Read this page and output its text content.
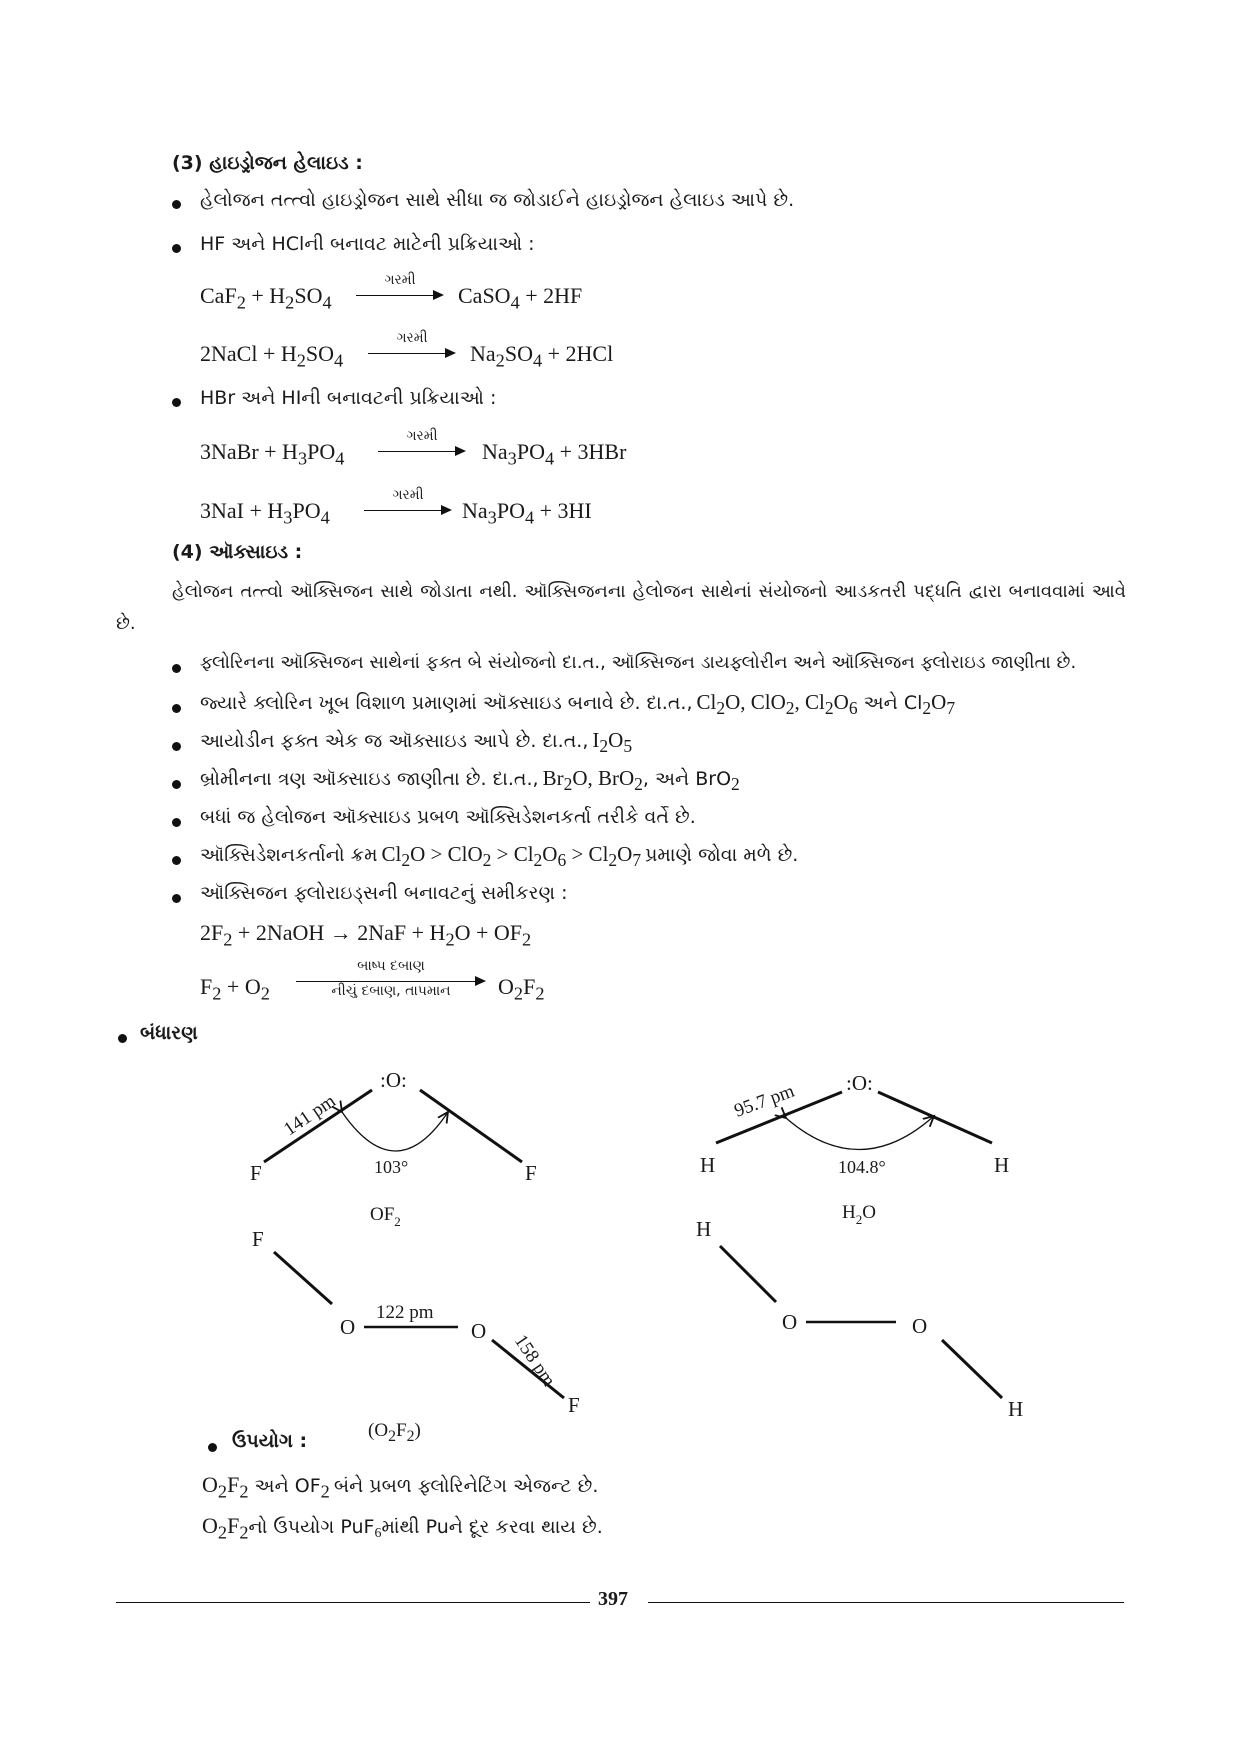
(3) હાઇડ્રોજન હેલાઇડ :
હેલોજન તત્ત્વો હાઇડ્રોજન સાથે સીધા જ જોડાઈને હાઇડ્રોજન હેલાઇડ આપે છે.
HF અને HClની બનાવટ માટેની પ્રક્રિયાઓ :
$CaF_2 + H_2SO_4$
ગરમી
CaSO$_4$ + 2HF
2NaCl + $H_2SO_4$
ગરમી
$Na_2SO_4 + 2HCl$
HBr અને HIની બનાવટની પ્રક્રિયાઓ :
3NaBr + $H_3PO_4$
ગરમી
$Na_3PO_4 + 3HBr$
$3NaI + H_3PO_4$
ગરમી
$Na_3PO_4 + 3HI$
(4) ઑક્સાઇડ :
હેલોજન તત્ત્વો ઑક્સિજન સાથે જોડાતા નથી. ઑક્સિજનના હેલોજન સાથેનાં સંયોજનો આડકતરી પદ્ધતિ દ્વારા બનાવવામાં આવે છે.
ફ્લોરિનના ઑક્સિજન સાથેનાં ફક્ત બે સંયોજનો દા.ત., ઑક્સિજન ડાયફ્લોરીન અને ઑક્સિજન ફ્લોરાઇડ જાણીતા છે.
જ્યારે ક્લોરિન ખૂબ વિશાળ પ્રમાણમાં ઑક્સાઇડ બનાવે છે. દા.ત., $Cl_2O$, ClO$_2$, $Cl_2O_6$ અને $Cl_2O_7$
આયોડીન ફક્ત એક જ ઑક્સાઇડ આપે છે. દા.ત., $I_2O_5$
બ્રોમીનના ત્રણ ઑક્સાઇડ જાણીતા છે. દા.ત., $Br_2O$, BrO$_2$, અને BrO$_2$
બધાં જ હેલોજન ઑક્સાઇડ પ્રબળ ઑક્સિડેશનકર્તા તરીકે વર્તે છે.
ઑક્સિડેશનકર્તાનો ક્રમ $Cl_2O > ClO_2 > Cl_2O_6 > Cl_2O_7$ પ્રમાણે જોવા મળે છે.
ઑક્સિજન ફ્લોરાઇડ્સની બનાવટનું સમીકરણ :
$2F_2$ + 2NaOH → $2NaF + H_2O + OF_2$
$F_2 + O_2$
બાષ્પ દબાણ
નીચું દબાણ, તાપમાન	$O_2F_2$
બંધારણ
:O:
F	F
141 pm
103°
$OF_2$
:O:
H	H
95.7 pm
104.8°
$H_2O$
F
O	O
F
122 pm
158 pm
H
O	O
H
ઉપયોગ :	$(O_2F_2)$
$O_2F_2$ અને $OF_2$ બંને પ્રબળ ફ્લોરિનેટિંગ એજન્ટ છે.
$O_2F_2નો$ ઉપયોગ PuF$_6$માંથી Puને દૂર કરવા થાય છે.
397
